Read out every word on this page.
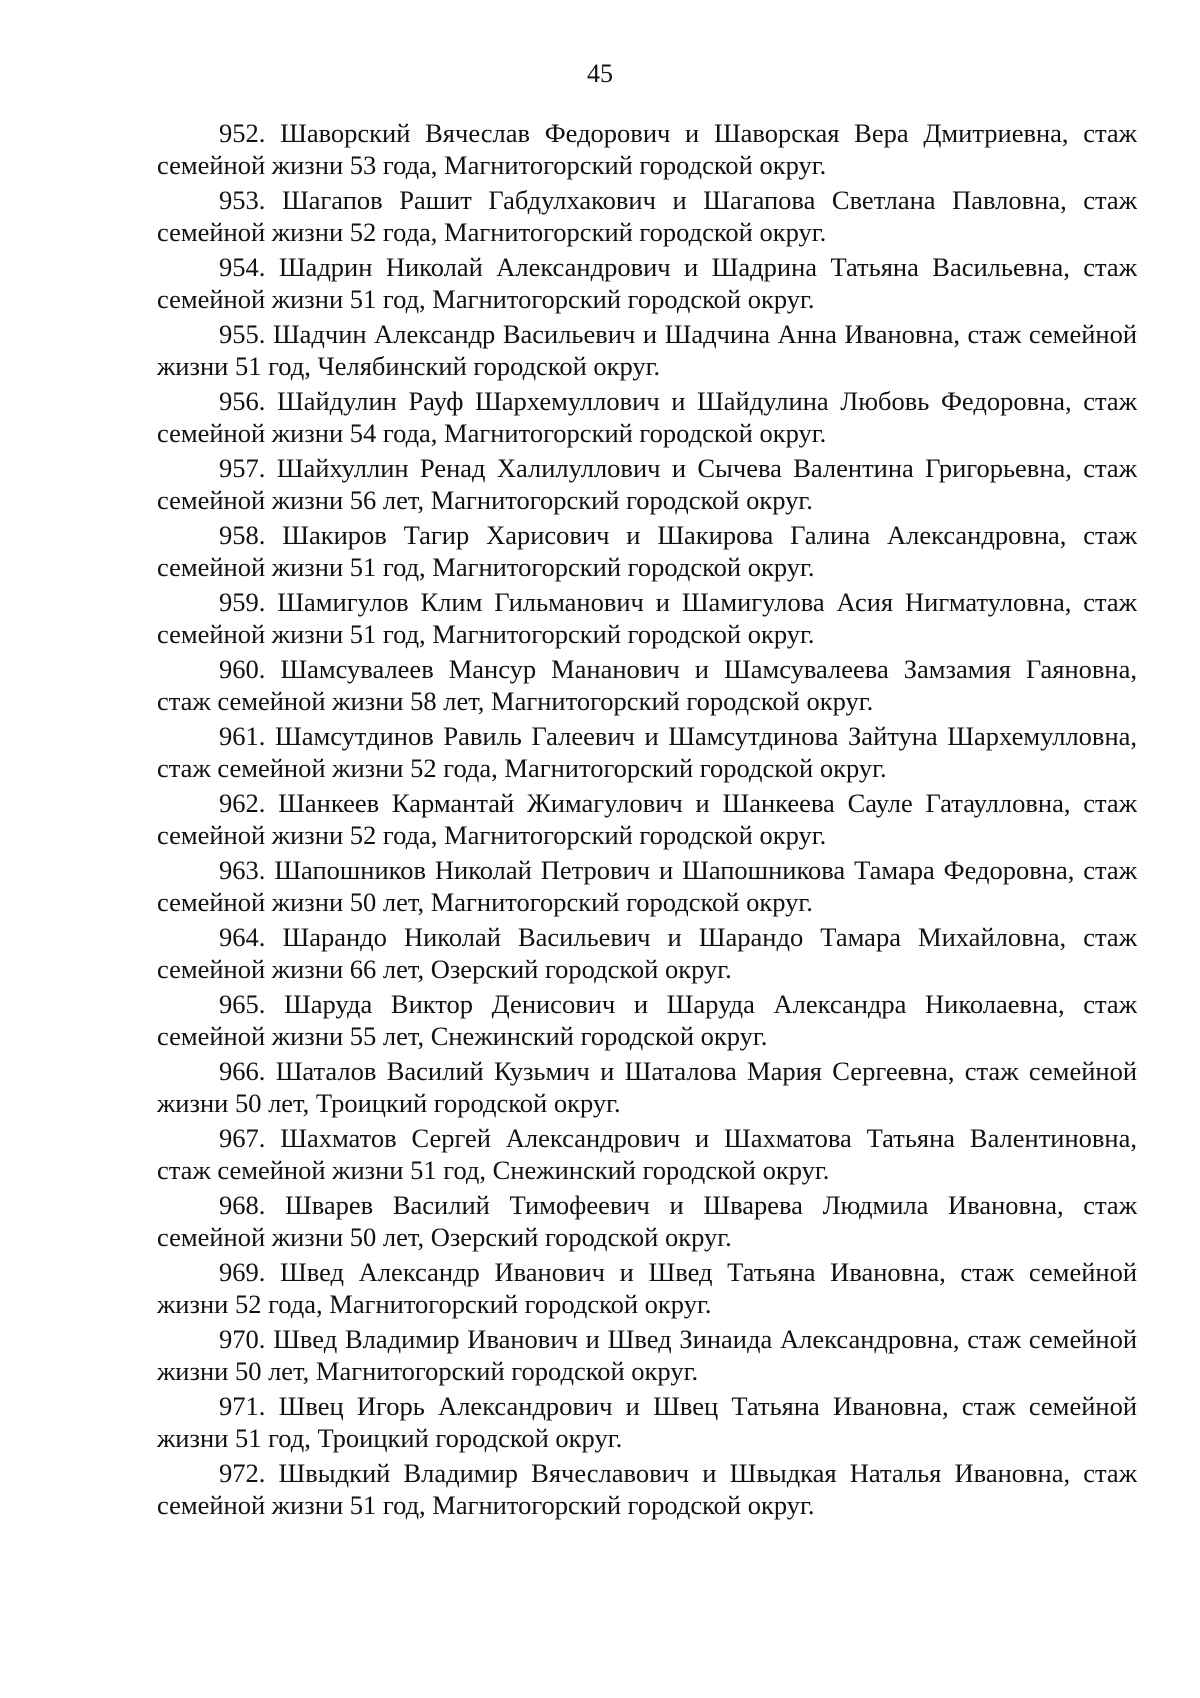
45

952. Шаворский Вячеслав Федорович и Шаворская Вера Дмитриевна, стаж семейной жизни 53 года, Магнитогорский городской округ.

953. Шагапов Рашит Габдулхакович и Шагапова Светлана Павловна, стаж семейной жизни 52 года, Магнитогорский городской округ.

954. Шадрин Николай Александрович и Шадрина Татьяна Васильевна, стаж семейной жизни 51 год, Магнитогорский городской округ.

955. Шадчин Александр Васильевич и Шадчина Анна Ивановна, стаж семейной жизни 51 год, Челябинский городской округ.

956. Шайдулин Рауф Шархемуллович и Шайдулина Любовь Федоровна, стаж семейной жизни 54 года, Магнитогорский городской округ.

957. Шайхуллин Ренад Халилуллович и Сычева Валентина Григорьевна, стаж семейной жизни 56 лет, Магнитогорский городской округ.

958. Шакиров Тагир Харисович и Шакирова Галина Александровна, стаж семейной жизни 51 год, Магнитогорский городской округ.

959. Шамигулов Клим Гильманович и Шамигулова Асия Нигматуловна, стаж семейной жизни 51 год, Магнитогорский городской округ.

960. Шамсувалеев Мансур Мананович и Шамсувалеева Замзамия Гаяновна, стаж семейной жизни 58 лет, Магнитогорский городской округ.

961. Шамсутдинов Равиль Галеевич и Шамсутдинова Зайтуна Шархемулловна, стаж семейной жизни 52 года, Магнитогорский городской округ.

962. Шанкеев Кармантай Жимагулович и Шанкеева Сауле Гатаулловна, стаж семейной жизни 52 года, Магнитогорский городской округ.

963. Шапошников Николай Петрович и Шапошникова Тамара Федоровна, стаж семейной жизни 50 лет, Магнитогорский городской округ.

964. Шарандо Николай Васильевич и Шарандо Тамара Михайловна, стаж семейной жизни 66 лет, Озерский городской округ.

965. Шаруда Виктор Денисович и Шаруда Александра Николаевна, стаж семейной жизни 55 лет, Снежинский городской округ.

966. Шаталов Василий Кузьмич и Шаталова Мария Сергеевна, стаж семейной жизни 50 лет, Троицкий городской округ.

967. Шахматов Сергей Александрович и Шахматова Татьяна Валентиновна, стаж семейной жизни 51 год, Снежинский городской округ.

968. Шварев Василий Тимофеевич и Шварева Людмила Ивановна, стаж семейной жизни 50 лет, Озерский городской округ.

969. Швед Александр Иванович и Швед Татьяна Ивановна, стаж семейной жизни 52 года, Магнитогорский городской округ.

970. Швед Владимир Иванович и Швед Зинаида Александровна, стаж семейной жизни 50 лет, Магнитогорский городской округ.

971. Швец Игорь Александрович и Швец Татьяна Ивановна, стаж семейной жизни 51 год, Троицкий городской округ.

972. Швыдкий Владимир Вячеславович и Швыдкая Наталья Ивановна, стаж семейной жизни 51 год, Магнитогорский городской округ.
